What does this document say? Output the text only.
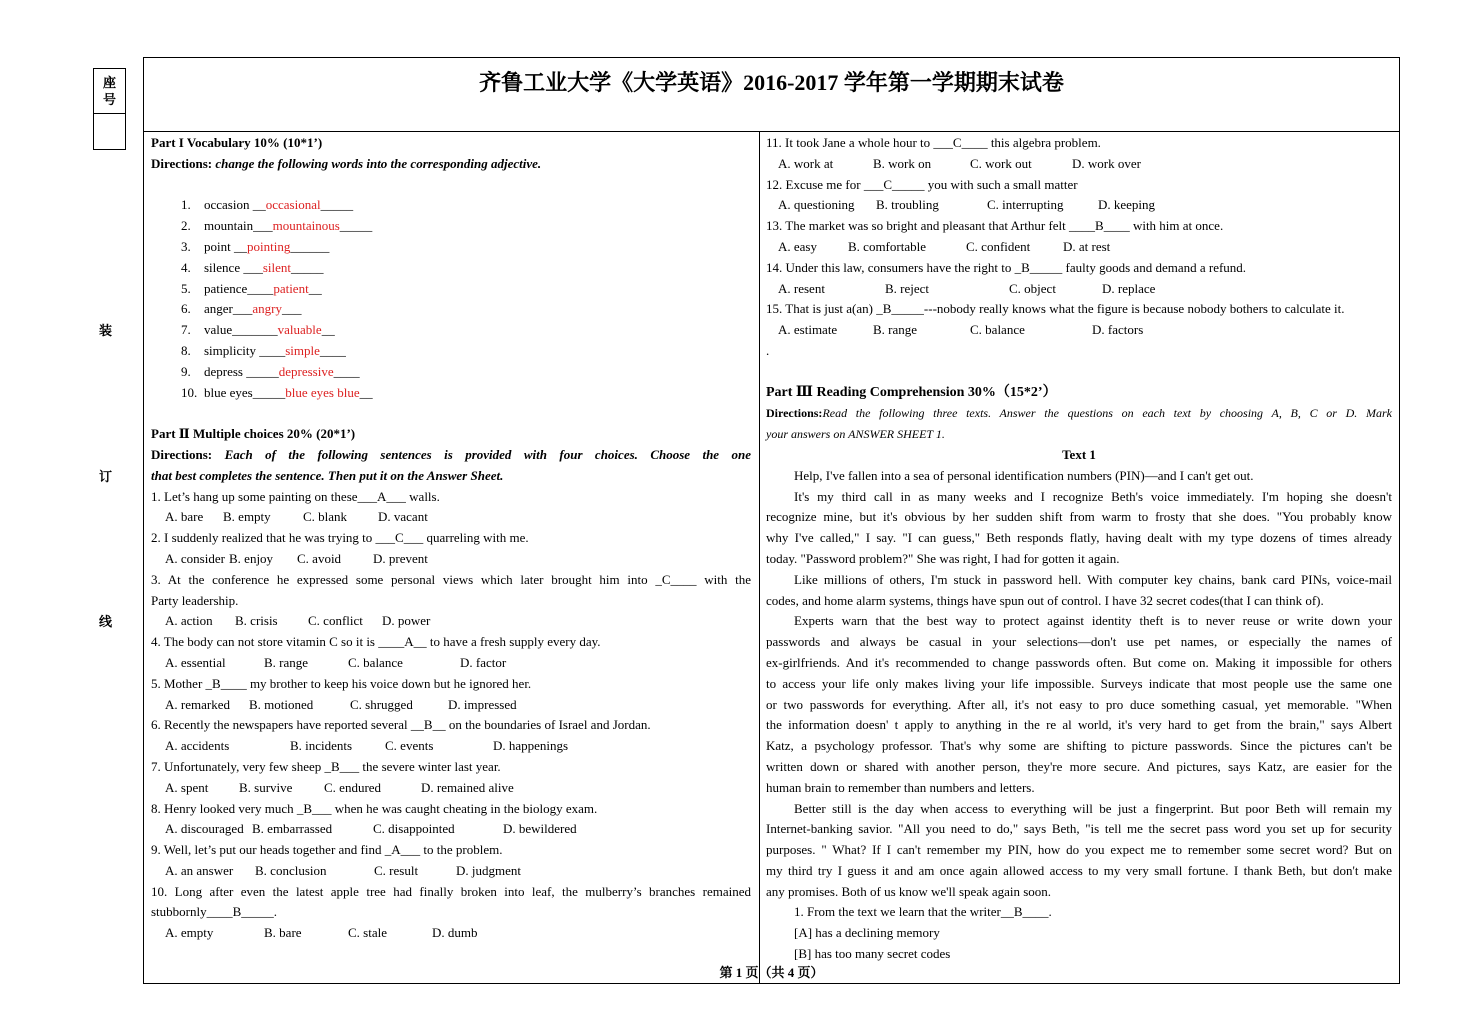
座
号
装
订
线
齐鲁工业大学《大学英语》2016-2017 学年第一学期期末试卷
Part I Vocabulary 10% (10*1’)
Directions: change the following words into the corresponding adjective.
1. occasion __occasional_____
2. mountain___mountainous_____
3. point __pointing______
4. silence ___silent_____
5. patience____patient__
6. anger___angry___
7. value_______valuable__
8. simplicity ____simple____
9. depress _____depressive____
10. blue eyes_____blue eyes blue__
Part Ⅱ Multiple choices 20% (20*1’)
Directions: Each of the following sentences is provided with four choices. Choose the one
that best completes the sentence. Then put it on the Answer Sheet.
1. Let’s hang up some painting on these___A___ walls.
A. bare B. empty C. blank D. vacant
2. I suddenly realized that he was trying to ___C___ quarreling with me.
A. consider B. enjoy C. avoid D. prevent
3. At the conference he expressed some personal views which later brought him into _C____ with the
Party leadership.
A. action B. crisis C. conflict D. power
4. The body can not store vitamin C so it is ____A__ to have a fresh supply every day.
A. essential	B. range	C. balance	D. factor
5. Mother _B____ my brother to keep his voice down but he ignored her.
A. remarked B. motioned	C. shrugged	D. impressed
6. Recently the newspapers have reported several __B__ on the boundaries of Israel and Jordan.
A. accidents	B. incidents	C. events	D. happenings
7. Unfortunately, very few sheep _B___ the severe winter last year.
A. spent B. survive C. endured	D. remained alive
8. Henry looked very much _B___ when he was caught cheating in the biology exam.
A. discouraged B. embarrassed	C. disappointed	D. bewildered
9. Well, let’s put our heads together and find _A___ to the problem.
A. an answer B. conclusion	C. result	D. judgment
10. Long after even the latest apple tree had finally broken into leaf, the mulberry’s branches remained
stubbornly____B_____.
A. empty	B. bare	C. stale	D. dumb
11. It took Jane a whole hour to ___C____ this algebra problem.
A. work at	B. work on	C. work out	D. work over
12. Excuse me for ___C_____ you with such a small matter
A. questioning B. troubling	C. interrupting	D. keeping
13. The market was so bright and pleasant that Arthur felt ____B____ with him at once.
A. easy B. comfortable	C. confident	D. at rest
14. Under this law, consumers have the right to _B_____ faulty goods and demand a refund.
A. resent	B. reject	C. object	D. replace
15. That is just a(an) _B_____---nobody really knows what the figure is because nobody bothers to calculate it.
A. estimate	B. range	C. balance	D. factors
.
Part Ⅲ Reading Comprehension 30%（15*2’）
Directions:Read the following three texts. Answer the questions on each text by choosing A, B, C or D. Mark
your answers on ANSWER SHEET 1.
Text 1
Help, I've fallen into a sea of personal identification numbers (PIN)—and I can't get out.
It's my third call in as many weeks and I recognize Beth's voice immediately. I'm hoping she doesn't
recognize mine, but it's obvious by her sudden shift from warm to frosty that she does. "You probably know
why I've called," I say. "I can guess," Beth responds flatly, having dealt with my type dozens of times already
today. "Password problem?" She was right, I had for gotten it again.
Like millions of others, I'm stuck in password hell. With computer key chains, bank card PINs, voice-mail
codes, and home alarm systems, things have spun out of control. I have 32 secret codes(that I can think of).
Experts warn that the best way to protect against identity theft is to never reuse or write down your
passwords and always be casual in your selections—don't use pet names, or especially the names of
ex-girlfriends. And it's recommended to change passwords often. But come on. Making it impossible for others
to access your life only makes living your life impossible. Surveys indicate that most people use the same one
or two passwords for everything. After all, it's not easy to pro duce something casual, yet memorable. "When
the information doesn' t apply to anything in the re al world, it's very hard to get from the brain," says Albert
Katz, a psychology professor. That's why some are shifting to picture passwords. Since the pictures can't be
written down or shared with another person, they're more secure. And pictures, says Katz, are easier for the
human brain to remember than numbers and letters.
Better still is the day when access to everything will be just a fingerprint. But poor Beth will remain my
Internet-banking savior. "All you need to do," says Beth, "is tell me the secret pass word you set up for security
purposes. " What? If I can't remember my PIN, how do you expect me to remember some secret word? But on
my third try I guess it and am once again allowed access to my very small fortune. I thank Beth, but don't make
any promises. Both of us know we'll speak again soon.
1. From the text we learn that the writer__B____.
[A] has a declining memory
[B] has too many secret codes
第 1 页（共 4 页）
